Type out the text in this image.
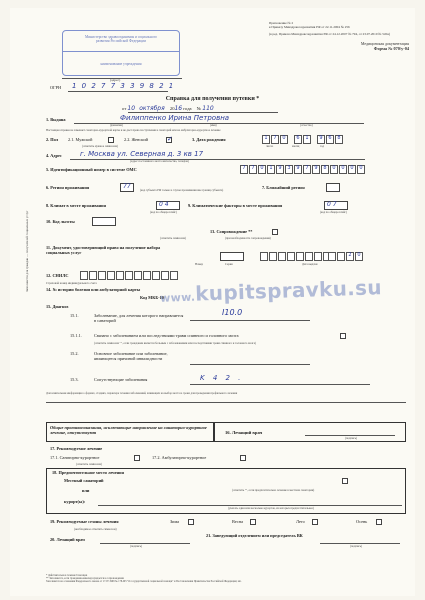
Министерство здравоохранения и социального
развития Российской Федерации
наименование учреждения
(адрес)
Приложение № 2
к Приказу Минздравсоцразвития РФ от 22.11.2004 № 256
(в ред. Приказа Минздравсоцразвития РФ от 24.12.2007 № 794, от 23.07.2010 № 545н)
Медицинская документация
Форма № 070/у-04
ОГРН 1 0 2 7 7 3 3 9 8 2 1
Справка для получения путевки *
от 10 октября 2016 года № 110
1. Выдана	Филиппенко Ирина Петровна
(фамилия)	(имя)	(отчество)
Настоящая справка не заменяет санаторно-курортной карты и не дает права поступления в санаторий или на амбулаторно-курортное лечение
2. Пол 2.1. Мужской	2.2. Женский	✓
(отметить нужное символом)
3. Дата рождения	1	7	0	6	1	9	6	8
число	месяц	год
4. Адрес	г. Москва ул. Северная д. 3 кв 17
(адрес постоянного места жительства, телефон)
5. Идентификационный номер в системе ОМС	7	7	0	1	9	3	9	7	9	8	0	0	0	0
Заполняется для граждан — получателей социальных услуг
6. Регион проживания	77	(код субъекта РФ только в случае проживания вне границ субъекта)	7. Ближайший регион
8. Климат в месте проживания	0 4
(код по общероссийс)
9. Климатические факторы в месте проживания	0 7
(код по общероссийс)
10. Код льготы
13. Сопровождение **
(отметить символом)	(при необходимости сопровождения)
11. Документ, удостоверяющий право на получение набора социальных услуг
Номер	Серия	Дата выдачи
2	0
12. СНИЛС
Страховой номер индивидуального счета
14. № истории болезни или амбулаторной карты
Код МКБ-10
15. Диагноз
15.1.	Заболевание, для лечения которого направляется в санаторий
I10.0
15.1.1.	Связано с заболеванием или последствиями травм спинного и головного мозга
(отметить символом "", если гражданин является больным с заболеваниями или последствиями травм спинного и головного мозга)
15.2.	Основное заболевание или заболевание, являющееся причиной инвалидности
15.3.	Сопутствующие заболевания	K 4 2 .
Дополнительная информация о формах, стадиях, характере течения заболеваний, влияющих на выбор места и сроки для проведения профильного лечения
Общие противопоказания, исключающие направление на санаторно-курортное лечение, отсутствуют	16. Лечащий врач
(подпись)
17. Рекомендуемое лечение
17.1. Санаторно-курортное	17.2. Амбулаторно-курортное
(отметить символом)
18. Предпочтительное место лечения
Местный санаторий
или	(отметить "", если предпочтительно лечение в местном санатории)
курорт(ы):
(указать один или несколько курортов, из которых предпочтительнее)
19. Рекомендуемые сезоны лечения	Зима	Весна	Лето	Осень
(необходимое отметить символом)
20. Лечащий врач
(подпись)
21. Заведующий отделением или председатель ВК
(подпись)
* Действительна в течение 6 месяцев
** Заполняется, если гражданин-инвалид нуждается в сопровождении
Заполняется на основании Федерального закона от 17.07.1999 № 178-ФЗ "О государственной социальной помощи" и Постановления Правительства Российской Федерации; мп.
www.kupitspravku.su
